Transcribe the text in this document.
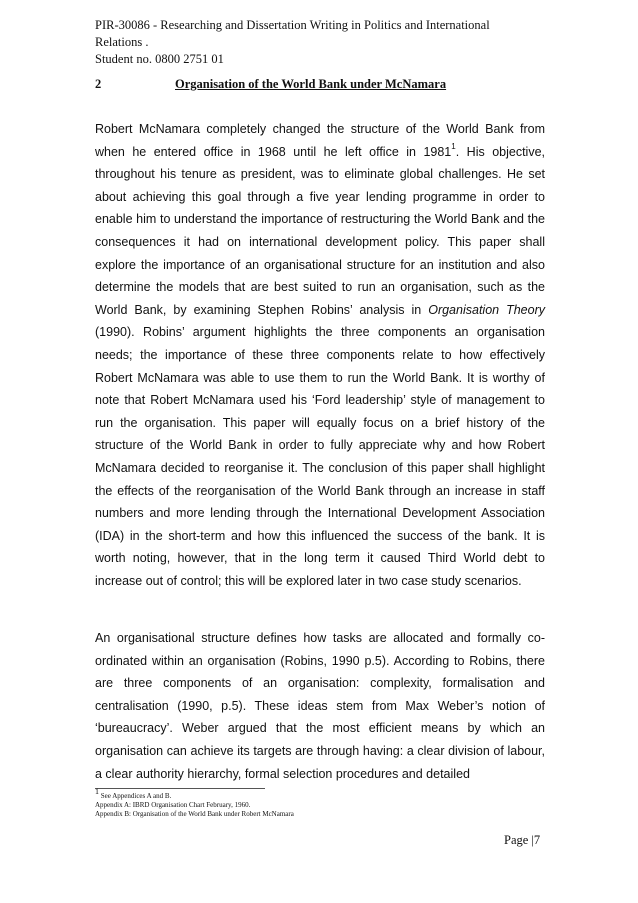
PIR-30086 - Researching and Dissertation Writing in Politics and International
Relations .
Student no. 0800 2751 01
2	Organisation of the World Bank under McNamara

Robert McNamara completely changed the structure of the World Bank from when he entered office in 1968 until he left office in 1981$^1$. His objective, throughout his tenure as president, was to eliminate global challenges. He set about achieving this goal through a five year lending programme in order to enable him to understand the importance of restructuring the World Bank and the consequences it had on international development policy. This paper shall explore the importance of an organisational structure for an institution and also determine the models that are best suited to run an organisation, such as the World Bank, by examining Stephen Robins’ analysis in Organisation Theory (1990). Robins’ argument highlights the three components an organisation needs; the importance of these three components relate to how effectively Robert McNamara was able to use them to run the World Bank. It is worthy of note that Robert McNamara used his ‘Ford leadership’ style of management to run the organisation. This paper will equally focus on a brief history of the structure of the World Bank in order to fully appreciate why and how Robert McNamara decided to reorganise it. The conclusion of this paper shall highlight the effects of the reorganisation of the World Bank through an increase in staff numbers and more lending through the International Development Association (IDA) in the short-term and how this influenced the success of the bank. It is worth noting, however, that in the long term it caused Third World debt to increase out of control; this will be explored later in two case study scenarios.

An organisational structure defines how tasks are allocated and formally co-ordinated within an organisation (Robins, 1990 p.5). According to Robins, there are three components of an organisation: complexity, formalisation and centralisation (1990, p.5). These ideas stem from Max Weber’s notion of ‘bureaucracy’. Weber argued that the most efficient means by which an organisation can achieve its targets are through having: a clear division of labour, a clear authority hierarchy, formal selection procedures and detailed

$^1$ See Appendices A and B.
Appendix A: IBRD Organisation Chart February, 1960.
Appendix B: Organisation of the World Bank under Robert McNamara
Page |7
